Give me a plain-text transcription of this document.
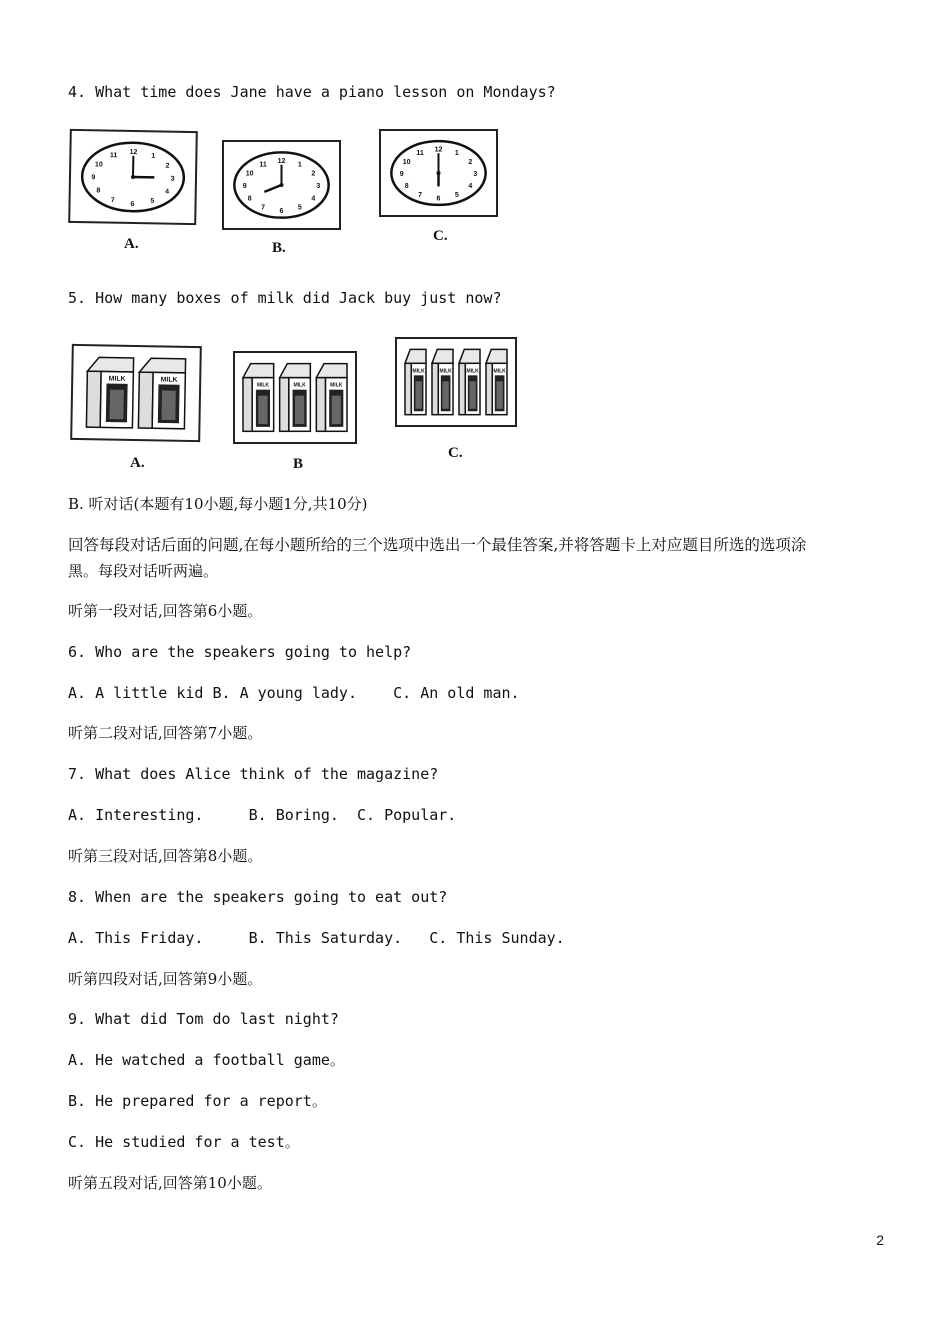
4. What time does Jane have a piano lesson on Mondays?
12
1
2
3
4
5
6
7
8
9
10
11
12 1
2
3
4
5
6
7
8
9
10
11
12 1
2
3
4
5
6
7
8
9
10
11
A.	B.
C.
5. How many boxes of milk did Jack buy just now?
MILK	MILK
MILK	MILK	MILK
MILK	MILK	MILK	MILK
A.	B
C.
B. 听对话(本题有10小题,每小题1分,共10分)
回答每段对话后面的问题,在每小题所给的三个选项中选出一个最佳答案,并将答题卡上对应题目所选的选项涂
黑。每段对话听两遍。
听第一段对话,回答第6小题。
6. Who are the speakers going to help?
A. A little kid B. A young lady.    C. An old man.
听第二段对话,回答第7小题。
7. What does Alice think of the magazine?
A. Interesting.     B. Boring.  C. Popular.
听第三段对话,回答第8小题。
8. When are the speakers going to eat out?
A. This Friday.     B. This Saturday.   C. This Sunday.
听第四段对话,回答第9小题。
9. What did Tom do last night?
A. He watched a football game。
B. He prepared for a report。
C. He studied for a test。
听第五段对话,回答第10小题。
2
